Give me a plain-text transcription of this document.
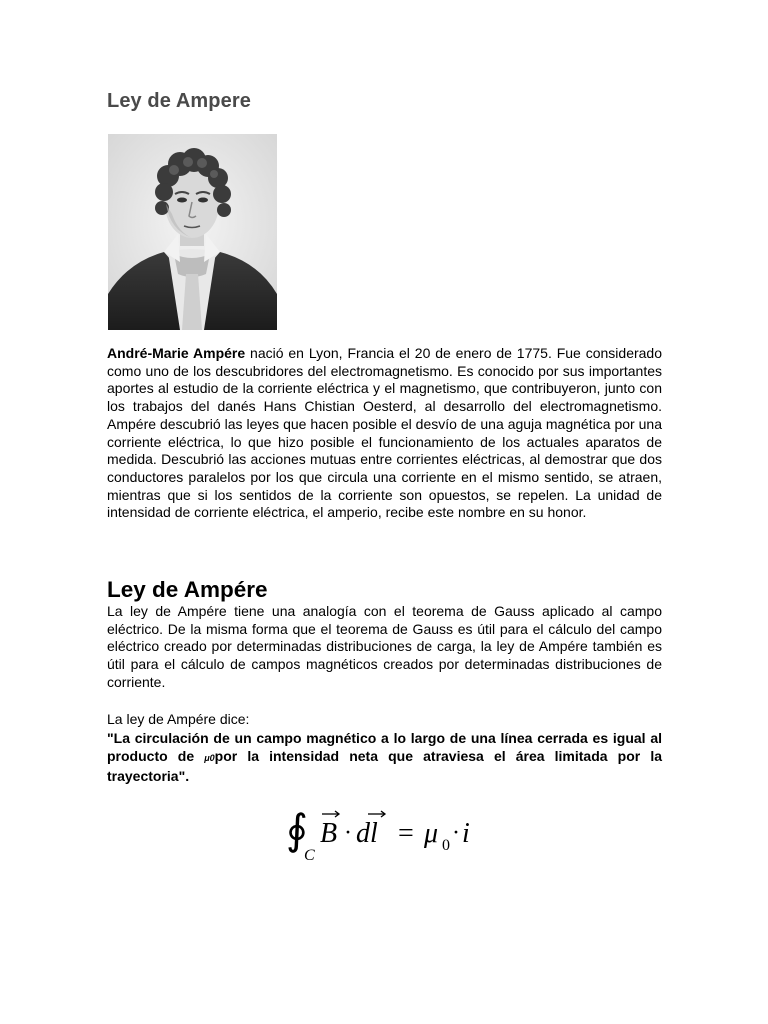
Ley de Ampere

André-Marie Ampére nació en Lyon, Francia el 20 de enero de 1775. Fue considerado como uno de los descubridores del electromagnetismo. Es conocido por sus importantes aportes al estudio de la corriente eléctrica y el magnetismo, que contribuyeron, junto con los trabajos del danés Hans Chistian Oesterd, al desarrollo del electromagnetismo. Ampére descubrió las leyes que hacen posible el desvío de una aguja magnética por una corriente eléctrica, lo que hizo posible el funcionamiento de los actuales aparatos de medida. Descubrió las acciones mutuas entre corrientes eléctricas, al demostrar que dos conductores paralelos por los que circula una corriente en el mismo sentido, se atraen, mientras que si los sentidos de la corriente son opuestos, se repelen. La unidad de intensidad de corriente eléctrica, el amperio, recibe este nombre en su honor.

Ley de Ampére

La ley de Ampére tiene una analogía con el teorema de Gauss aplicado al campo eléctrico. De la misma forma que el teorema de Gauss es útil para el cálculo del campo eléctrico creado por determinadas distribuciones de carga, la ley de Ampére también es útil para el cálculo de campos magnéticos creados por determinadas distribuciones de corriente.

La ley de Ampére dice:

"La circulación de un campo magnético a lo largo de una línea cerrada es igual al producto de μ0por la intensidad neta que atraviesa el área limitada por la trayectoria".

∮
C
B · dl = μ 0 · i
